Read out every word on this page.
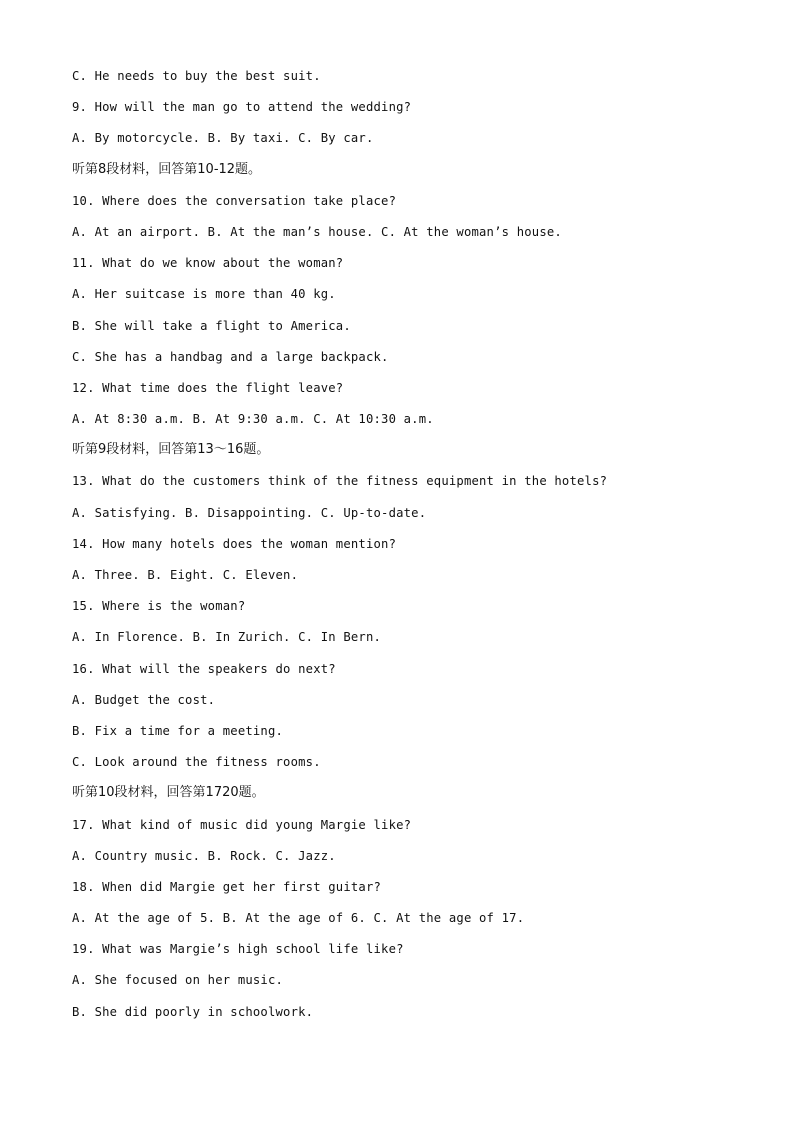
C. He needs to buy the best suit.
9. How will the man go to attend the wedding?
A. By motorcycle. B. By taxi. C. By car.
听第8段材料，回答第10-12题。
10. Where does the conversation take place?
A. At an airport. B. At the man’s house. C. At the woman’s house.
11. What do we know about the woman?
A. Her suitcase is more than 40 kg.
B. She will take a flight to America.
C. She has a handbag and a large backpack.
12. What time does the flight leave?
A. At 8:30 a.m. B. At 9:30 a.m. C. At 10:30 a.m.
听第9段材料，回答第13～16题。
13. What do the customers think of the fitness equipment in the hotels?
A. Satisfying. B. Disappointing. C. Up-to-date.
14. How many hotels does the woman mention?
A. Three. B. Eight. C. Eleven.
15. Where is the woman?
A. In Florence. B. In Zurich. C. In Bern.
16. What will the speakers do next?
A. Budget the cost.
B. Fix a time for a meeting.
C. Look around the fitness rooms.
听第10段材料，回答第1720题。
17. What kind of music did young Margie like?
A. Country music. B. Rock. C. Jazz.
18. When did Margie get her first guitar?
A. At the age of 5. B. At the age of 6. C. At the age of 17.
19. What was Margie’s high school life like?
A. She focused on her music.
B. She did poorly in schoolwork.
